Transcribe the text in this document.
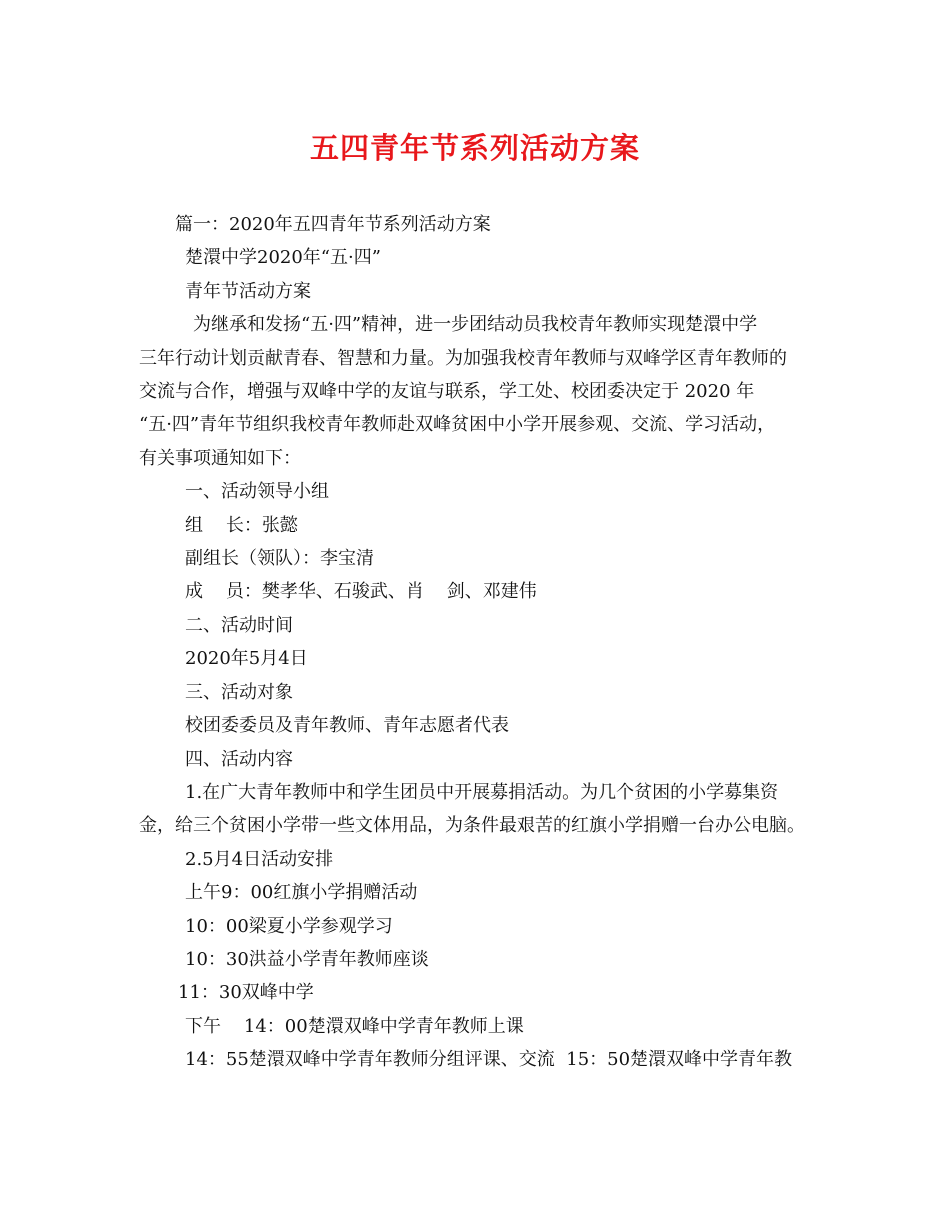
五四青年节系列活动方案

篇一：2020年五四青年节系列活动方案

楚澴中学2020年“五·四”

青年节活动方案

为继承和发扬“五·四”精神，进一步团结动员我校青年教师实现楚澴中学

三年行动计划贡献青春、智慧和力量。为加强我校青年教师与双峰学区青年教师的

交流与合作，增强与双峰中学的友谊与联系，学工处、校团委决定于 2020 年

“五·四”青年节组织我校青年教师赴双峰贫困中小学开展参观、交流、学习活动，

有关事项通知如下：

一、活动领导小组

组    长：张懿

副组长（领队）：李宝清

成    员：樊孝华、石骏武、肖    剑、邓建伟

二、活动时间

2020年5月4日

三、活动对象

校团委委员及青年教师、青年志愿者代表

四、活动内容

1.在广大青年教师中和学生团员中开展募捐活动。为几个贫困的小学募集资

金，给三个贫困小学带一些文体用品，为条件最艰苦的红旗小学捐赠一台办公电脑。

2.5月4日活动安排

上午9：00红旗小学捐赠活动

10：00梁夏小学参观学习

10：30洪益小学青年教师座谈

11：30双峰中学

下午    14：00楚澴双峰中学青年教师上课

14：55楚澴双峰中学青年教师分组评课、交流  15：50楚澴双峰中学青年教
